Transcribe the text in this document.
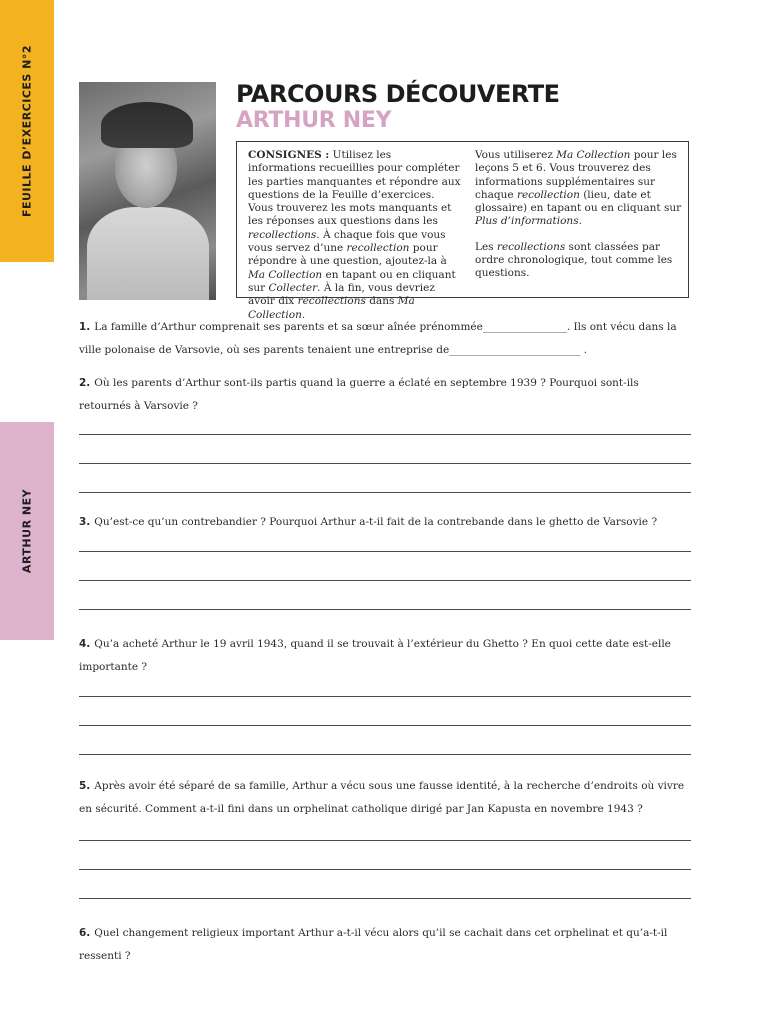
FEUILLE D’EXERCICES N°2
ARTHUR NEY
PARCOURS DÉCOUVERTE
ARTHUR NEY
CONSIGNES : Utilisez les informations recueillies pour compléter les parties manquantes et répondre aux questions de la Feuille d’exercices. Vous trouverez les mots manquants et les réponses aux questions dans les recollections. À chaque fois que vous vous servez d’une recollection pour répondre à une question, ajoutez-la à Ma Collection en tapant ou en cliquant sur Collecter. À la fin, vous devriez avoir dix recollections dans Ma Collection.

Vous utiliserez Ma Collection pour les leçons 5 et 6. Vous trouverez des informations supplémentaires sur chaque recollection (lieu, date et glossaire) en tapant ou en cliquant sur Plus d’informations.

Les recollections sont classées par ordre chronologique, tout comme les questions.

1. La famille d’Arthur comprenait ses parents et sa sœur aînée prénommée________________. Ils ont vécu dans la ville polonaise de Varsovie, où ses parents tenaient une entreprise de_________________________ .
2. Où les parents d’Arthur sont-ils partis quand la guerre a éclaté en septembre 1939 ? Pourquoi sont-ils retournés à Varsovie ?
3. Qu’est-ce qu’un contrebandier ? Pourquoi Arthur a-t-il fait de la contrebande dans le ghetto de Varsovie ?
4. Qu’a acheté Arthur le 19 avril 1943, quand il se trouvait à l’extérieur du Ghetto ? En quoi cette date est-elle importante ?
5. Après avoir été séparé de sa famille, Arthur a vécu sous une fausse identité, à la recherche d’endroits où vivre en sécurité. Comment a-t-il fini dans un orphelinat catholique dirigé par Jan Kapusta en novembre 1943 ?
6. Quel changement religieux important Arthur a-t-il vécu alors qu’il se cachait dans cet orphelinat et qu’a-t-il ressenti ?
